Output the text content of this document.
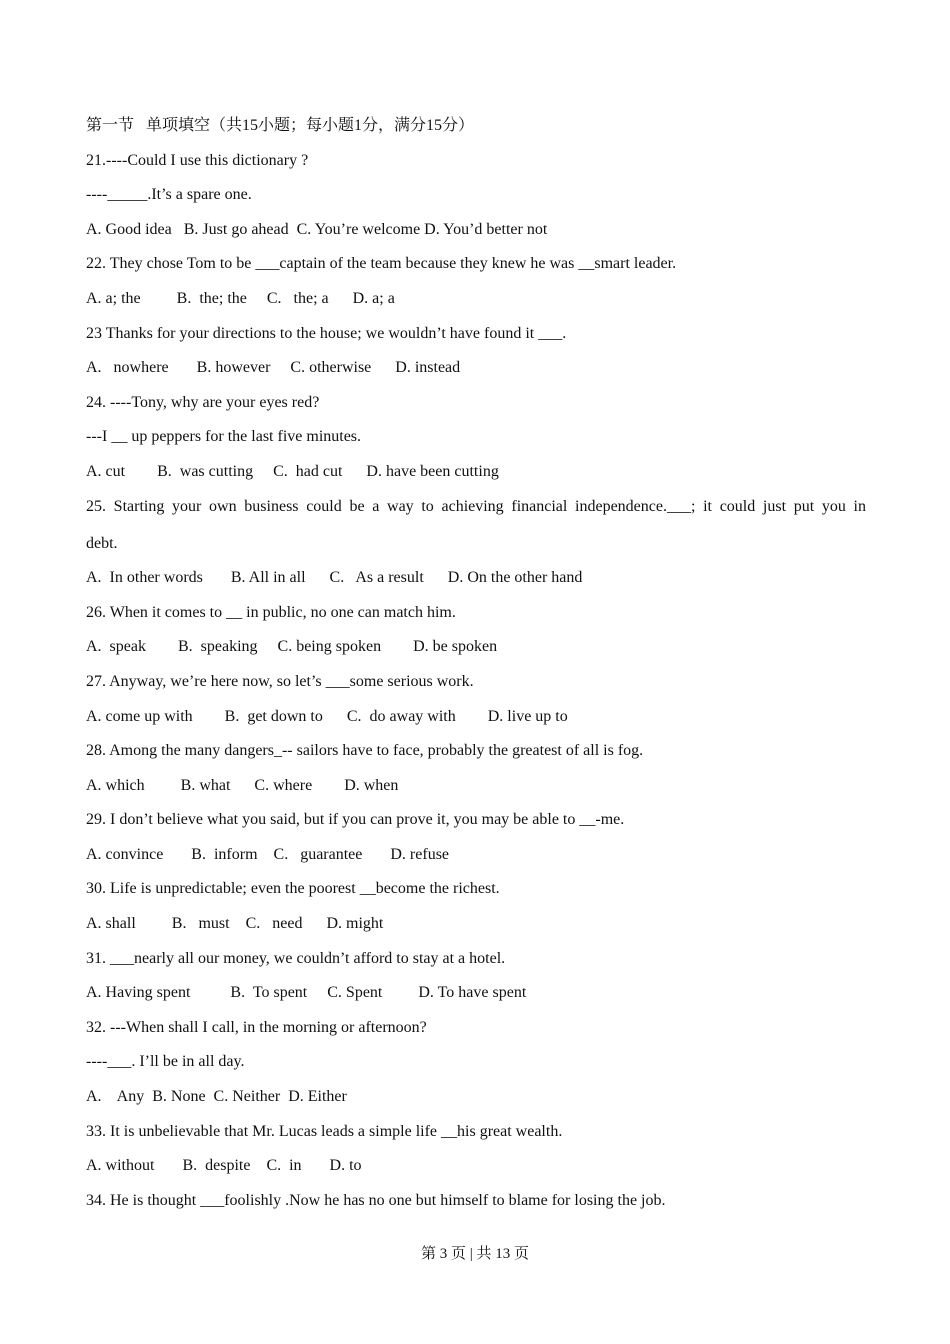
第一节   单项填空（共15小题；每小题1分，满分15分）
21.----Could I use this dictionary ?
----_____.It’s a spare one.
A. Good idea   B. Just go ahead  C. You’re welcome D. You’d better not
22. They chose Tom to be ___captain of the team because they knew he was __smart leader.
A. a; the         B.  the; the     C.   the; a      D. a; a
23 Thanks for your directions to the house; we wouldn’t have found it ___.
A.   nowhere       B. however     C. otherwise      D. instead
24. ----Tony, why are your eyes red?
---I __ up peppers for the last five minutes.
A. cut        B.  was cutting     C.  had cut      D. have been cutting
25. Starting your own business could be a way to achieving financial independence.___; it could just put you in
debt.
A.  In other words       B. All in all      C.   As a result      D. On the other hand
26. When it comes to __ in public, no one can match him.
A.  speak        B.  speaking     C. being spoken        D. be spoken
27. Anyway, we’re here now, so let’s ___some serious work.
A. come up with        B.  get down to      C.  do away with        D. live up to
28. Among the many dangers_-- sailors have to face, probably the greatest of all is fog.
A. which         B. what      C. where        D. when
29. I don’t believe what you said, but if you can prove it, you may be able to __-me.
A. convince       B.  inform    C.   guarantee       D. refuse
30. Life is unpredictable; even the poorest __become the richest.
A. shall         B.   must    C.   need      D. might
31. ___nearly all our money, we couldn’t afford to stay at a hotel.
A. Having spent          B.  To spent     C. Spent         D. To have spent
32. ---When shall I call, in the morning or afternoon?
----___. I’ll be in all day.
A.    Any  B. None  C. Neither  D. Either
33. It is unbelievable that Mr. Lucas leads a simple life __his great wealth.
A. without       B.  despite    C.  in       D. to
34. He is thought ___foolishly .Now he has no one but himself to blame for losing the job.
第 3 页 | 共 13 页
